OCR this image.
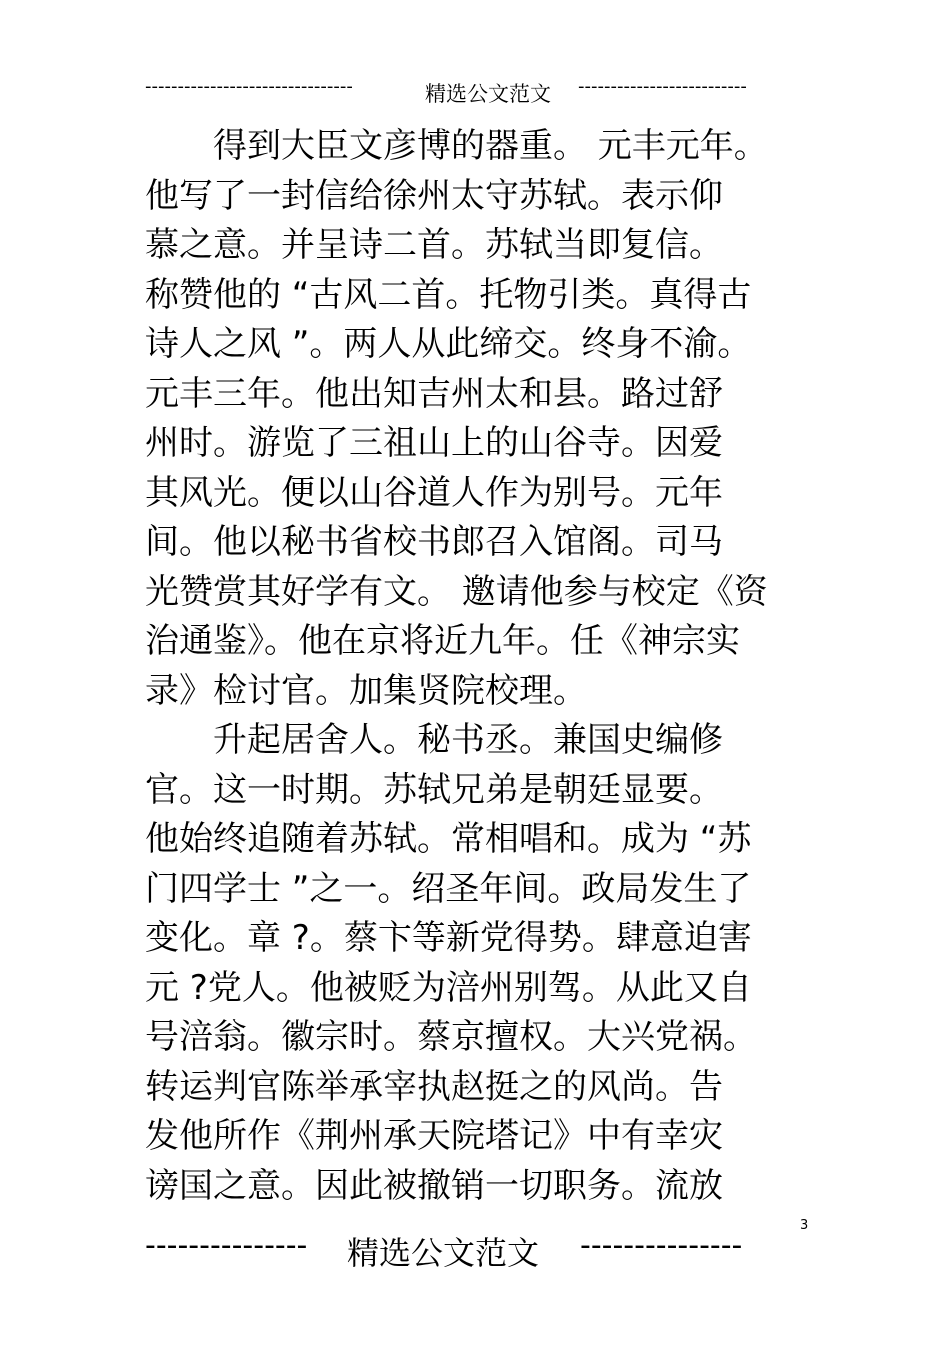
--------------------------------	精选公文范文 --------------------------
　　得到大臣文彦博的器重。 元丰元年。
他写了一封信给徐州太守苏轼。表示仰
慕之意。并呈诗二首。苏轼当即复信。
称赞他的 “古风二首。托物引类。真得古
诗人之风 ”。两人从此缔交。终身不渝。
元丰三年。他出知吉州太和县。路过舒
州时。游览了三祖山上的山谷寺。因爱
其风光。便以山谷道人作为别号。元年
间。他以秘书省校书郎召入馆阁。司马
光赞赏其好学有文。 邀请他参与校定《资
治通鉴》。他在京将近九年。任《神宗实
录》检讨官。加集贤院校理。
　　升起居舍人。秘书丞。兼国史编修
官。这一时期。苏轼兄弟是朝廷显要。
他始终追随着苏轼。常相唱和。成为 “苏
门四学士 ”之一。绍圣年间。政局发生了
变化。章 ?。蔡卞等新党得势。肆意迫害
元 ?党人。他被贬为涪州别驾。从此又自
号涪翁。徽宗时。蔡京擅权。大兴党祸。
转运判官陈举承宰执赵挺之的风尚。告
发他所作《荆州承天院塔记》中有幸灾
谤国之意。因此被撤销一切职务。流放
3
--------------- 精选公文范文 ---------------
